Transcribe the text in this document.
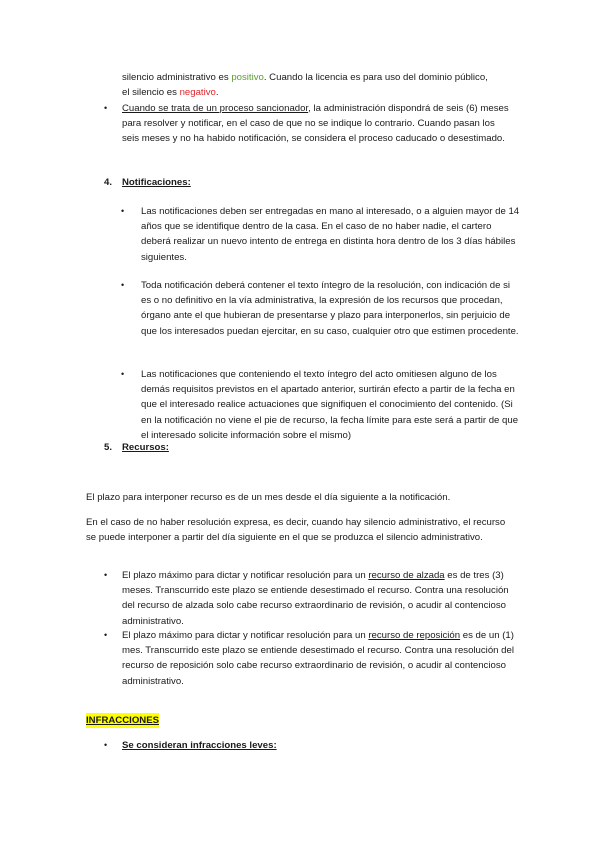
silencio administrativo es positivo. Cuando la licencia es para uso del dominio público,
el silencio es negativo.

• Cuando se trata de un proceso sancionador, la administración dispondrá de seis (6) meses para resolver y notificar, en el caso de que no se indique lo contrario. Cuando pasan los seis meses y no ha habido notificación, se considera el proceso caducado o desestimado.

4. Notificaciones:
• Las notificaciones deben ser entregadas en mano al interesado, o a alguien mayor de 14 años que se identifique dentro de la casa. En el caso de no haber nadie, el cartero deberá realizar un nuevo intento de entrega en distinta hora dentro de los 3 días hábiles siguientes.

• Toda notificación deberá contener el texto íntegro de la resolución, con indicación de si es o no definitivo en la vía administrativa, la expresión de los recursos que procedan, órgano ante el que hubieran de presentarse y plazo para interponerlos, sin perjuicio de que los interesados puedan ejercitar, en su caso, cualquier otro que estimen procedente.

• Las notificaciones que conteniendo el texto íntegro del acto omitiesen alguno de los demás requisitos previstos en el apartado anterior, surtirán efecto a partir de la fecha en que el interesado realice actuaciones que signifiquen el conocimiento del contenido. (Si en la notificación no viene el pie de recurso, la fecha límite para este será a partir de que el interesado solicite información sobre el mismo)

5. Recursos:

El plazo para interponer recurso es de un mes desde el día siguiente a la notificación.

En el caso de no haber resolución expresa, es decir, cuando hay silencio administrativo, el recurso se puede interponer a partir del día siguiente en el que se produzca el silencio administrativo.

• El plazo máximo para dictar y notificar resolución para un recurso de alzada es de tres (3) meses. Transcurrido este plazo se entiende desestimado el recurso. Contra una resolución del recurso de alzada solo cabe recurso extraordinario de revisión, o acudir al contencioso administrativo.

• El plazo máximo para dictar y notificar resolución para un recurso de reposición es de un (1) mes. Transcurrido este plazo se entiende desestimado el recurso. Contra una resolución del recurso de reposición solo cabe recurso extraordinario de revisión, o acudir al contencioso administrativo.

INFRACCIONES
• Se consideran infracciones leves:
